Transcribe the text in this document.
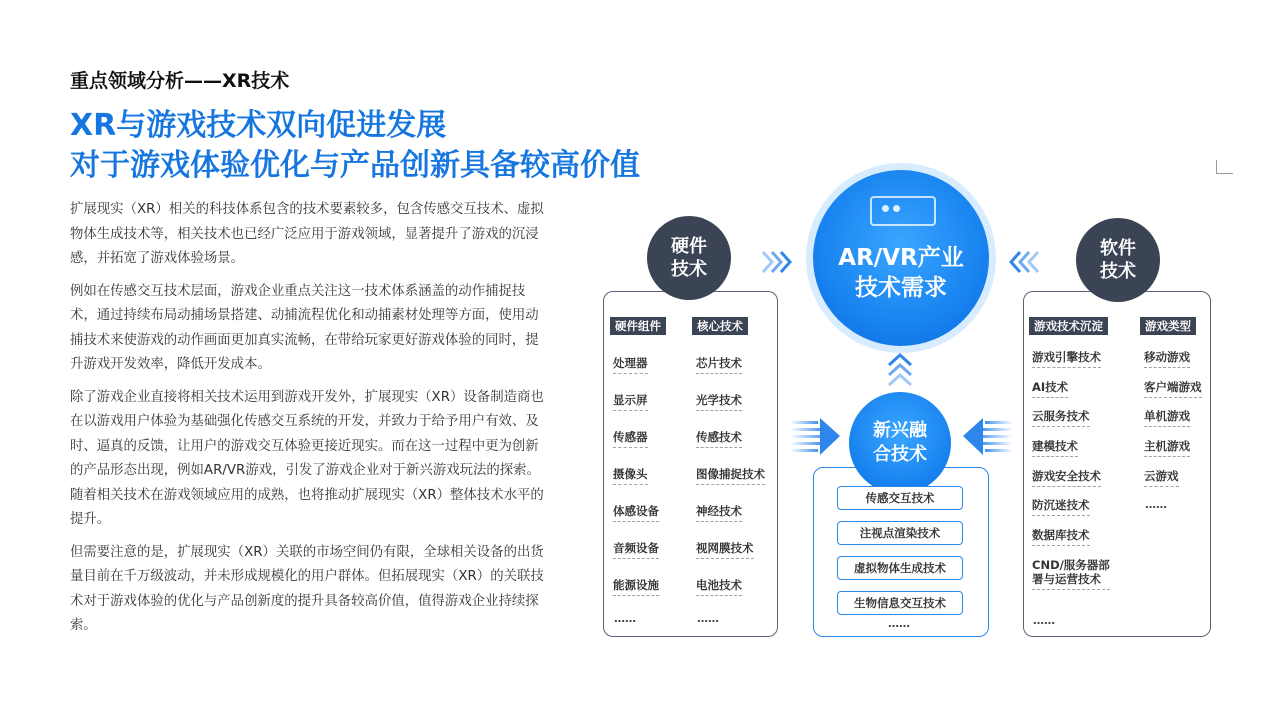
重点领域分析——XR技术
XR与游戏技术双向促进发展
对于游戏体验优化与产品创新具备较高价值

扩展现实（XR）相关的科技体系包含的技术要素较多，包含传感交互技术、虚拟物体生成技术等，相关技术也已经广泛应用于游戏领域，显著提升了游戏的沉浸感，并拓宽了游戏体验场景。

例如在传感交互技术层面，游戏企业重点关注这一技术体系涵盖的动作捕捉技术，通过持续布局动捕场景搭建、动捕流程优化和动捕素材处理等方面，使用动捕技术来使游戏的动作画面更加真实流畅，在带给玩家更好游戏体验的同时，提升游戏开发效率，降低开发成本。

除了游戏企业直接将相关技术运用到游戏开发外，扩展现实（XR）设备制造商也在以游戏用户体验为基础强化传感交互系统的开发，并致力于给予用户有效、及时、逼真的反馈，让用户的游戏交互体验更接近现实。而在这一过程中更为创新的产品形态出现，例如AR/VR游戏，引发了游戏企业对于新兴游戏玩法的探索。随着相关技术在游戏领域应用的成熟，也将推动扩展现实（XR）整体技术水平的提升。

但需要注意的是，扩展现实（XR）关联的市场空间仍有限，全球相关设备的出货量目前在千万级波动，并未形成规模化的用户群体。但拓展现实（XR）的关联技术对于游戏体验的优化与产品创新度的提升具备较高价值，值得游戏企业持续探索。

AR/VR产业
技术需求
硬件
技术
软件
技术
新兴融
合技术
硬件组件	核心技术
处理器
显示屏
传感器
摄像头
体感设备
音频设备
能源设施
……
芯片技术
光学技术
传感技术
图像捕捉技术
神经技术
视网膜技术
电池技术
……
游戏技术沉淀	游戏类型
游戏引擎技术
AI技术
云服务技术
建模技术
游戏安全技术
防沉迷技术
数据库技术
CND/服务器部
署与运营技术
……
移动游戏
客户端游戏
单机游戏
主机游戏
云游戏
……
传感交互技术
注视点渲染技术
虚拟物体生成技术
生物信息交互技术
……
